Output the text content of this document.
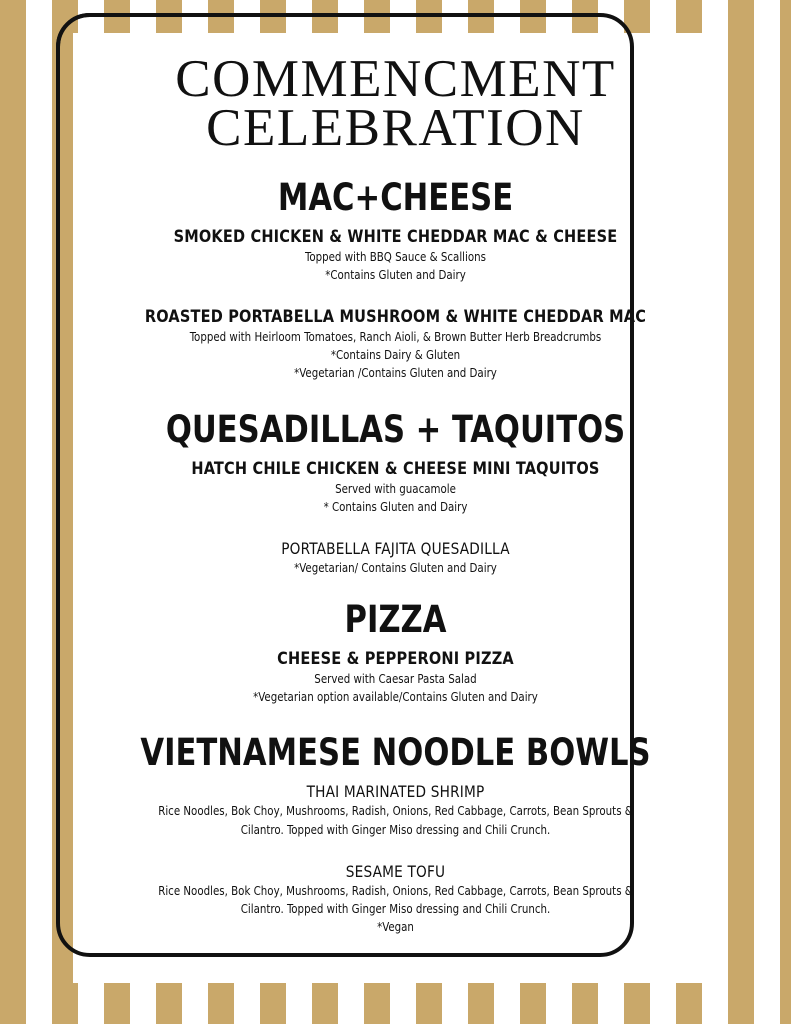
COMMENCMENT
CELEBRATION
MAC+CHEESE
SMOKED CHICKEN & WHITE CHEDDAR MAC & CHEESE
Topped with BBQ Sauce & Scallions
*Contains Gluten and Dairy
ROASTED PORTABELLA MUSHROOM & WHITE CHEDDAR MAC
Topped with Heirloom Tomatoes, Ranch Aioli, & Brown Butter Herb Breadcrumbs
*Contains Dairy & Gluten
*Vegetarian /Contains Gluten and Dairy
QUESADILLAS + TAQUITOS
HATCH CHILE CHICKEN & CHEESE MINI TAQUITOS
Served with guacamole
* Contains Gluten and Dairy
PORTABELLA FAJITA QUESADILLA
*Vegetarian/ Contains Gluten and Dairy
PIZZA
CHEESE & PEPPERONI PIZZA
Served with Caesar Pasta Salad
*Vegetarian option available/Contains Gluten and Dairy
VIETNAMESE NOODLE BOWLS
THAI MARINATED SHRIMP
Rice Noodles, Bok Choy, Mushrooms, Radish, Onions, Red Cabbage, Carrots, Bean Sprouts &
Cilantro. Topped with Ginger Miso dressing and Chili Crunch.
SESAME TOFU
Rice Noodles, Bok Choy, Mushrooms, Radish, Onions, Red Cabbage, Carrots, Bean Sprouts &
Cilantro. Topped with Ginger Miso dressing and Chili Crunch.
*Vegan
